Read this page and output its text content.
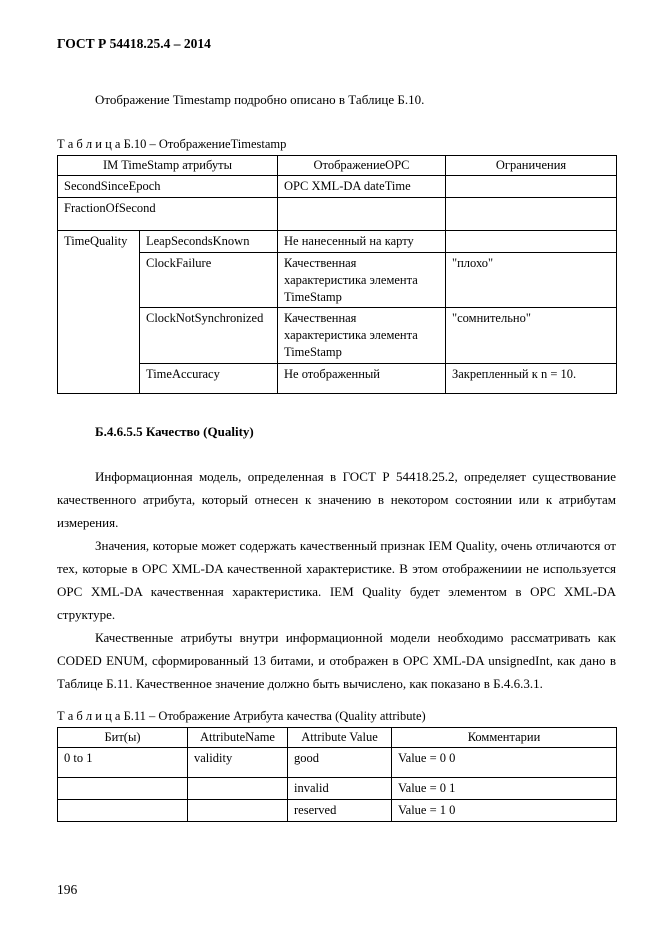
ГОСТ Р 54418.25.4 – 2014

Отображение Timestamp подробно описано в Таблице Б.10.

Т а б л и ц а Б.10 – ОтображениеTimestamp

IM TimeStamp атрибуты		ОтображениеOPC	Ограничения
SecondSinceEpoch		OPC XML-DA dateTime	
FractionOfSecond			
TimeQuality	LeapSecondsKnown	Не нанесенный на карту	
	ClockFailure	Качественная характеристика элемента TimeStamp	"плохо"
	ClockNotSynchronized	Качественная характеристика элемента TimeStamp	"сомнительно"
	TimeAccuracy	Не отображенный	Закрепленный к n = 10.

Б.4.6.5.5 Качество (Quality)

Информационная модель, определенная в ГОСТ Р 54418.25.2, определяет существование качественного атрибута, который отнесен к значению в некотором состоянии или к атрибутам измерения.

Значения, которые может содержать качественный признак IEM Quality, очень отличаются от тех, которые в OPC XML-DA качественной характеристике. В этом отображениии не используется OPC XML-DA качественная характеристика. IEM Quality будет элементом в OPC XML-DA структуре.

Качественные атрибуты внутри информационной модели необходимо рассматривать как CODED ENUM, сформированный 13 битами, и отображен в OPC XML-DA unsignedInt, как дано в Таблице Б.11. Качественное значение должно быть вычислено, как показано в Б.4.6.3.1.

Т а б л и ц а Б.11 – Отображение Атрибута качества (Quality attribute)

Бит(ы)	AttributeName	Attribute Value	Комментарии
0 to 1	validity	good	Value = 0 0
		invalid	Value = 0 1
		reserved	Value = 1 0

196
